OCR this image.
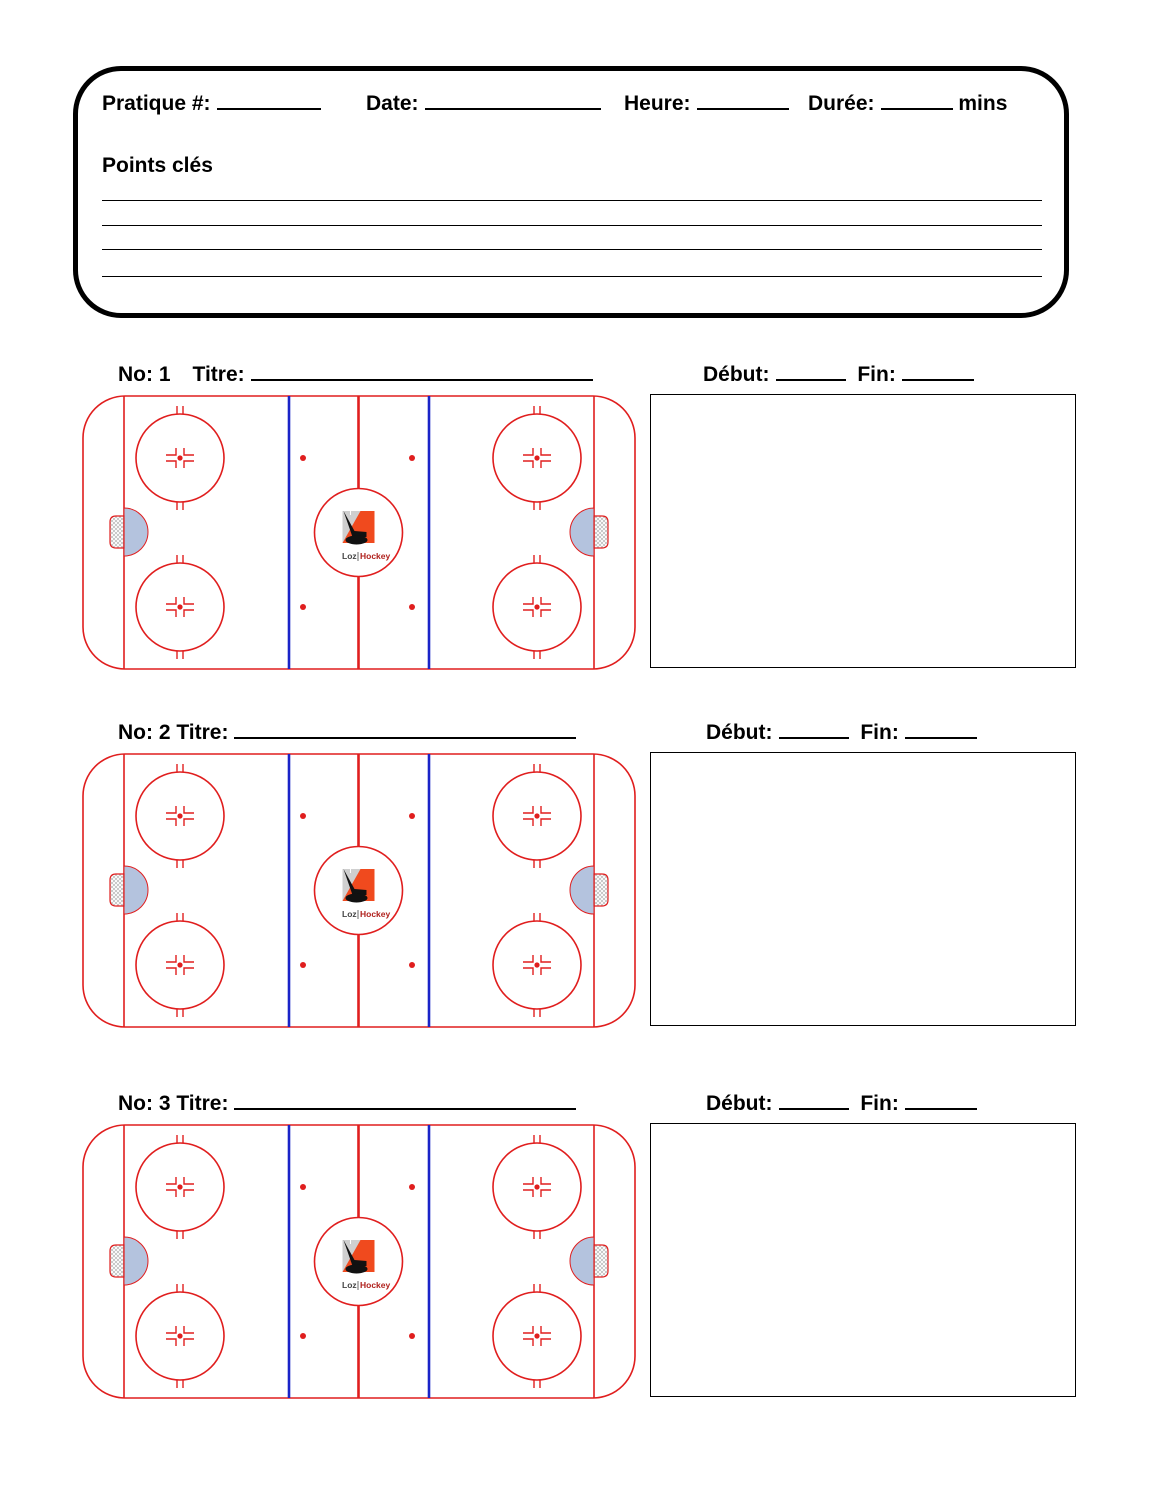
Pratique #:	Date:	Heure:	Durée:	mins
Points clés
No: 1 Titre:	Début:	Fin:
No: 2 Titre:	Début:	Fin:
No: 3 Titre:	Début:	Fin:
